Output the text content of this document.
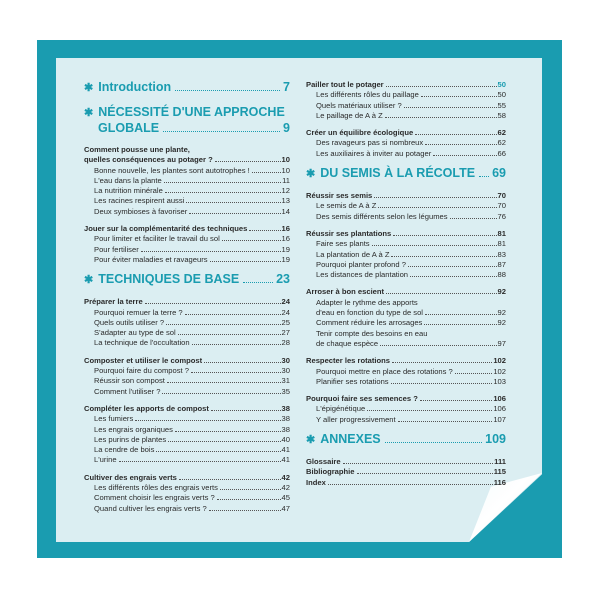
✱ Introduction	7
✱ NÉCESSITÉ D'UNE APPROCHE
GLOBALE	9
Comment pousse une plante,
quelles conséquences au potager ?	10
Bonne nouvelle, les plantes sont autotrophes !	10
L'eau dans la plante	11
La nutrition minérale	12
Les racines respirent aussi	13
Deux symbioses à favoriser	14
Jouer sur la complémentarité des techniques	16
Pour limiter et faciliter le travail du sol	16
Pour fertiliser	19
Pour éviter maladies et ravageurs	19
✱ TECHNIQUES DE BASE	23
Préparer la terre	24
Pourquoi remuer la terre ?	24
Quels outils utiliser ?	25
S'adapter au type de sol	27
La technique de l'occultation	28
Composter et utiliser le compost	30
Pourquoi faire du compost ?	30
Réussir son compost	31
Comment l'utiliser ?	35
Compléter les apports de compost	38
Les fumiers	38
Les engrais organiques	38
Les purins de plantes	40
La cendre de bois	41
L'urine	41
Cultiver des engrais verts	42
Les différents rôles des engrais verts	42
Comment choisir les engrais verts ?	45
Quand cultiver les engrais verts ?	47
Pailler tout le potager	50
Les différents rôles du paillage	50
Quels matériaux utiliser ?	55
Le paillage de A à Z	58
Créer un équilibre écologique	62
Des ravageurs pas si nombreux	62
Les auxiliaires à inviter au potager	66
✱ DU SEMIS À LA RÉCOLTE 69
Réussir ses semis	70
Le semis de A à Z	70
Des semis différents selon les légumes	76
Réussir ses plantations	81
Faire ses plants	81
La plantation de A à Z	83
Pourquoi planter profond ?	87
Les distances de plantation	88
Arroser à bon escient	92
Adapter le rythme des apports
d'eau en fonction du type de sol	92
Comment réduire les arrosages	92
Tenir compte des besoins en eau
de chaque espèce	97
Respecter les rotations	102
Pourquoi mettre en place des rotations ?	102
Planifier ses rotations	103
Pourquoi faire ses semences ?	106
L'épigénétique	106
Y aller progressivement	107
✱ ANNEXES	109
Glossaire	111
Bibliographie	115
Index	116
